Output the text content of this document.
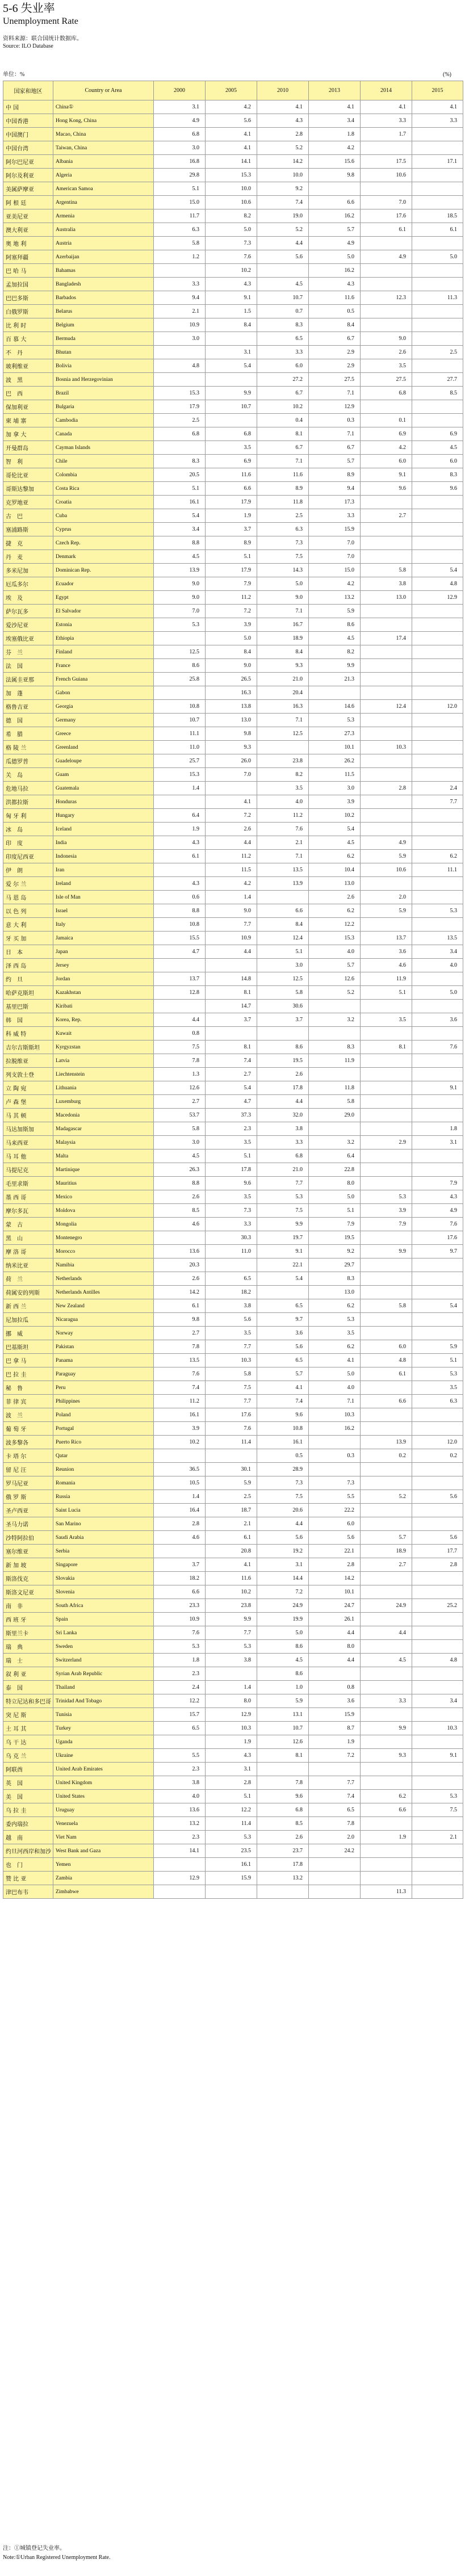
5-6 失业率
Unemployment Rate
资料来源：联合国统计数据库。
Source: ILO Database
单位：%	(%)
国家和地区	Country or Area	2000	2005	2010	2013	2014	2015
中 国	China①	3.1	4.2	4.1	4.1	4.1	4.1
中国香港	Hong Kong, China	4.9	5.6	4.3	3.4	3.3	3.3
中国澳门	Macao, China	6.8	4.1	2.8	1.8	1.7	
中国台湾	Taiwan, China	3.0	4.1	5.2	4.2		
阿尔巴尼亚	Albania	16.8	14.1	14.2	15.6	17.5	17.1
阿尔及利亚	Algeria	29.8	15.3	10.0	9.8	10.6	
美属萨摩亚	American Samoa	5.1	10.0	9.2			
阿 根 廷	Argentina	15.0	10.6	7.4	6.6	7.0	
亚美尼亚	Armenia	11.7	8.2	19.0	16.2	17.6	18.5
澳大利亚	Australia	6.3	5.0	5.2	5.7	6.1	6.1
奥 地 利	Austria	5.8	7.3	4.4	4.9		
阿塞拜疆	Azerbaijan	1.2	7.6	5.6	5.0	4.9	5.0
巴 哈 马	Bahamas		10.2		16.2		
孟加拉国	Bangladesh	3.3	4.3	4.5	4.3		
巴巴多斯	Barbados	9.4	9.1	10.7	11.6	12.3	11.3
白俄罗斯	Belarus	2.1	1.5	0.7	0.5		
比 利 时	Belgium	10.9	8.4	8.3	8.4		
百 慕 大	Bermuda	3.0		6.5	6.7	9.0	
不　丹	Bhutan		3.1	3.3	2.9	2.6	2.5
玻利维亚	Bolivia	4.8	5.4	6.0	2.9	3.5	
波　黑	Bosnia and Herzegovinian			27.2	27.5	27.5	27.7
巴　西	Brazil	15.3	9.9	6.7	7.1	6.8	8.5
保加利亚	Bulgaria	17.9	10.7	10.2	12.9		
柬 埔 寨	Cambodia	2.5		0.4	0.3	0.1	
加 拿 大	Canada	6.8	6.8	8.1	7.1	6.9	6.9
开曼群岛	Cayman Islands		3.5	6.7	6.7	4.2	4.5
智　利	Chile	8.3	6.9	7.1	5.7	6.0	6.0
哥伦比亚	Colombia	20.5	11.6	11.6	8.9	9.1	8.3
哥斯达黎加	Costa Rica	5.1	6.6	8.9	9.4	9.6	9.6
克罗地亚	Croatia	16.1	17.9	11.8	17.3		
古　巴	Cuba	5.4	1.9	2.5	3.3	2.7	
塞浦路斯	Cyprus	3.4	3.7	6.3	15.9		
捷　克	Czech Rep.	8.8	8.9	7.3	7.0		
丹　麦	Denmark	4.5	5.1	7.5	7.0		
多米尼加	Dominican Rep.	13.9	17.9	14.3	15.0	5.8	5.4
厄瓜多尔	Ecuador	9.0	7.9	5.0	4.2	3.8	4.8
埃　及	Egypt	9.0	11.2	9.0	13.2	13.0	12.9
萨尔瓦多	El Salvador	7.0	7.2	7.1	5.9		
爱沙尼亚	Estonia	5.3	3.9	16.7	8.6		
埃塞俄比亚	Ethiopia		5.0	18.9	4.5	17.4	
芬　兰	Finland	12.5	8.4	8.4	8.2		
法　国	France	8.6	9.0	9.3	9.9		
法属圭亚那	French Guiana	25.8	26.5	21.0	21.3		
加　蓬	Gabon		16.3	20.4			
格鲁吉亚	Georgia	10.8	13.8	16.3	14.6	12.4	12.0
德　国	Germany	10.7	13.0	7.1	5.3		
希　腊	Greece	11.1	9.8	12.5	27.3		
格 陵 兰	Greenland	11.0	9.3		10.1	10.3	
瓜德罗普	Guadeloupe	25.7	26.0	23.8	26.2		
关　岛	Guam	15.3	7.0	8.2	11.5		
危地马拉	Guatemala	1.4		3.5	3.0	2.8	2.4
洪都拉斯	Honduras		4.1	4.0	3.9		7.7
匈 牙 利	Hungary	6.4	7.2	11.2	10.2		
冰　岛	Iceland	1.9	2.6	7.6	5.4		
印　度	India	4.3	4.4	2.1	4.5	4.9	
印度尼西亚	Indonesia	6.1	11.2	7.1	6.2	5.9	6.2
伊　朗	Iran		11.5	13.5	10.4	10.6	11.1
爱 尔 兰	Ireland	4.3	4.2	13.9	13.0		
马 恩 岛	Isle of Man	0.6	1.4		2.6	2.0	
以 色 列	Israel	8.8	9.0	6.6	6.2	5.9	5.3
意 大 利	Italy	10.8	7.7	8.4	12.2		
牙 买 加	Jamaica	15.5	10.9	12.4	15.3	13.7	13.5
日　本	Japan	4.7	4.4	5.1	4.0	3.6	3.4
泽 西 岛	Jersey			3.0	5.7	4.6	4.0
约　旦	Jordan	13.7	14.8	12.5	12.6	11.9	
哈萨克斯坦	Kazakhstan	12.8	8.1	5.8	5.2	5.1	5.0
基里巴斯	Kiribati		14.7	30.6			
韩　国	Korea, Rep.	4.4	3.7	3.7	3.2	3.5	3.6
科 威 特	Kuwait	0.8					
吉尔吉斯斯坦	Kyrgyzstan	7.5	8.1	8.6	8.3	8.1	7.6
拉脱维亚	Latvia	7.8	7.4	19.5	11.9		
列支敦士登	Liechtenstein	1.3	2.7	2.6			
立 陶 宛	Lithuania	12.6	5.4	17.8	11.8		9.1
卢 森 堡	Luxemburg	2.7	4.7	4.4	5.8		
马 其 顿	Macedonia	53.7	37.3	32.0	29.0		
马达加斯加	Madagascar	5.8	2.3	3.8			1.8
马来西亚	Malaysia	3.0	3.5	3.3	3.2	2.9	3.1
马 耳 他	Malta	4.5	5.1	6.8	6.4		
马提尼克	Martinique	26.3	17.8	21.0	22.8		
毛里求斯	Mauritius	8.8	9.6	7.7	8.0		7.9
墨 西 哥	Mexico	2.6	3.5	5.3	5.0	5.3	4.3
摩尔多瓦	Moldova	8.5	7.3	7.5	5.1	3.9	4.9
蒙　古	Mongolia	4.6	3.3	9.9	7.9	7.9	7.6
黑　山	Montenegro		30.3	19.7	19.5		17.6
摩 洛 哥	Morocco	13.6	11.0	9.1	9.2	9.9	9.7
纳米比亚	Namibia	20.3		22.1	29.7		
荷　兰	Netherlands	2.6	6.5	5.4	8.3		
荷属安的列斯	Netherlands Antilles	14.2	18.2		13.0		
新 西 兰	New Zealand	6.1	3.8	6.5	6.2	5.8	5.4
尼加拉瓜	Nicaragua	9.8	5.6	9.7	5.3		
挪　威	Norway	2.7	3.5	3.6	3.5		
巴基斯坦	Pakistan	7.8	7.7	5.6	6.2	6.0	5.9
巴 拿 马	Panama	13.5	10.3	6.5	4.1	4.8	5.1
巴 拉 圭	Paraguay	7.6	5.8	5.7	5.0	6.1	5.3
秘　鲁	Peru	7.4	7.5	4.1	4.0		3.5
菲 律 宾	Philippines	11.2	7.7	7.4	7.1	6.6	6.3
波　兰	Poland	16.1	17.6	9.6	10.3		
葡 萄 牙	Portugal	3.9	7.6	10.8	16.2		
波多黎各	Puerto Rico	10.2	11.4	16.1		13.9	12.0
卡 塔 尔	Qatar			0.5	0.3	0.2	0.2
留 尼 汪	Reunion	36.5	30.1	28.9			
罗马尼亚	Romania	10.5	5.9	7.3	7.3		
俄 罗 斯	Russia	1.4	2.5	7.5	5.5	5.2	5.6
圣卢西亚	Saint Lucia	16.4	18.7	20.6	22.2		
圣马力诺	San Marino	2.8	2.1	4.4	6.0		
沙特阿拉伯	Saudi Arabia	4.6	6.1	5.6	5.6	5.7	5.6
塞尔维亚	Serbia		20.8	19.2	22.1	18.9	17.7
新 加 坡	Singapore	3.7	4.1	3.1	2.8	2.7	2.8
斯洛伐克	Slovakia	18.2	11.6	14.4	14.2		
斯洛文尼亚	Slovenia	6.6	10.2	7.2	10.1		
南　非	South Africa	23.3	23.8	24.9	24.7	24.9	25.2
西 班 牙	Spain	10.9	9.9	19.9	26.1		
斯里兰卡	Sri Lanka	7.6	7.7	5.0	4.4	4.4	
瑞　典	Sweden	5.3	5.3	8.6	8.0		
瑞　士	Switzerland	1.8	3.8	4.5	4.4	4.5	4.8
叙 利 亚	Syrian Arab Republic	2.3		8.6			
泰　国	Thailand	2.4	1.4	1.0	0.8		
特立尼达和多巴哥	Trinidad And Tobago	12.2	8.0	5.9	3.6	3.3	3.4
突 尼 斯	Tunisia	15.7	12.9	13.1	15.9		
土 耳 其	Turkey	6.5	10.3	10.7	8.7	9.9	10.3
乌 干 达	Uganda		1.9	12.6	1.9		
乌 克 兰	Ukraine	5.5	4.3	8.1	7.2	9.3	9.1
阿联酋	United Arab Emirates	2.3	3.1				
英　国	United Kingdom	3.8	2.8	7.8	7.7		
美　国	United States	4.0	5.1	9.6	7.4	6.2	5.3
乌 拉 圭	Uruguay	13.6	12.2	6.8	6.5	6.6	7.5
委内瑞拉	Venezuela	13.2	11.4	8.5	7.8		
越　南	Viet Nam	2.3	5.3	2.6	2.0	1.9	2.1
约旦河西岸和加沙	West Bank and Gaza	14.1	23.5	23.7	24.2		
也　门	Yemen		16.1	17.8			
赞 比 亚	Zambia	12.9	15.9	13.2			
津巴布韦	Zimbabwe					11.3	
注：①城镇登记失业率。
Note:①Urban Registered Unemployment Rate.
